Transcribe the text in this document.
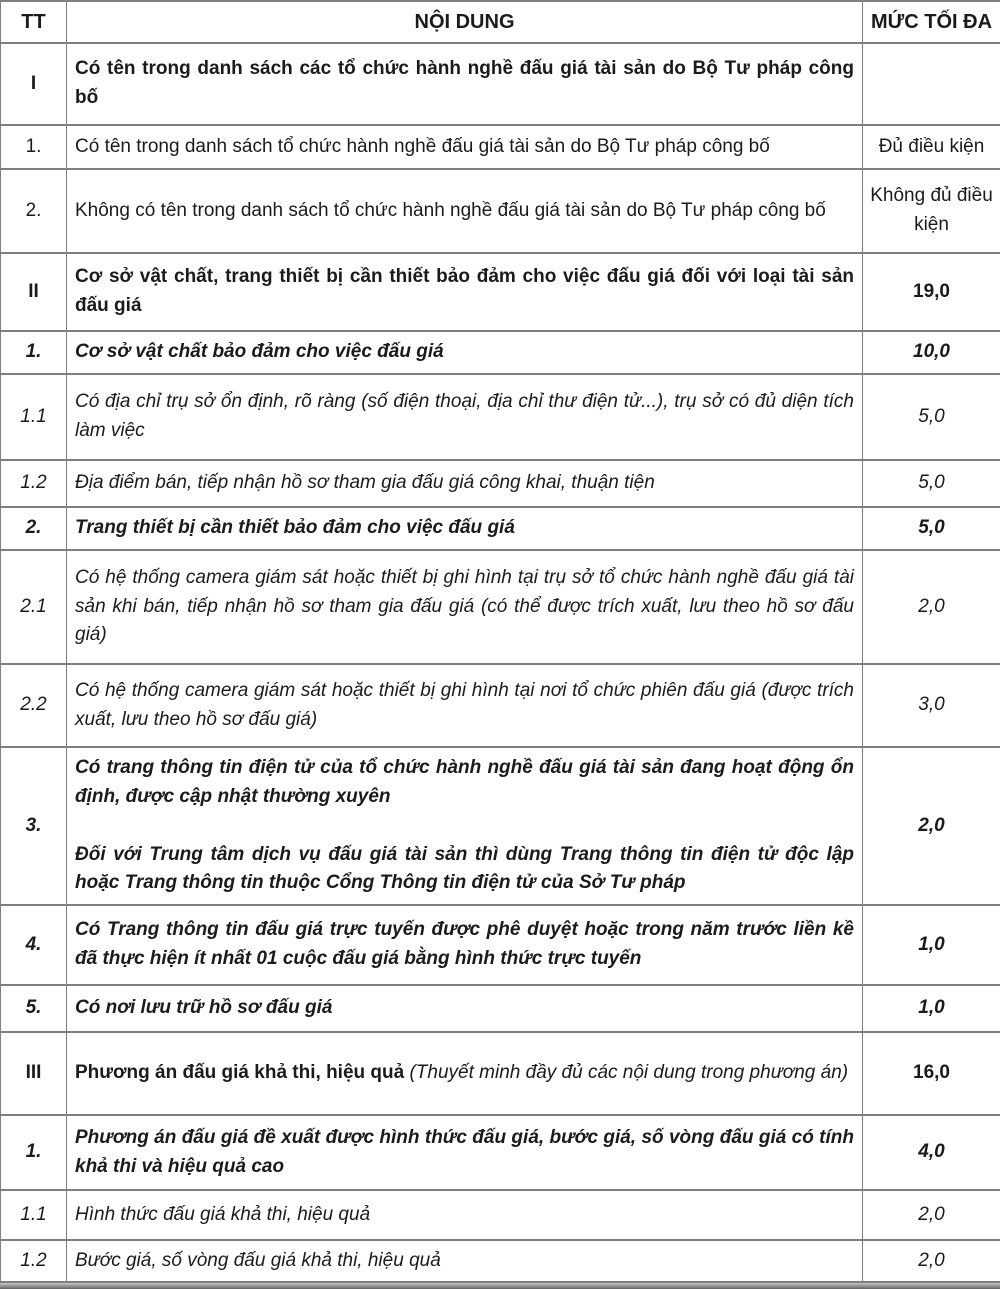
TT	NỘI DUNG	MỨC TỐI ĐA
I	Có tên trong danh sách các tổ chức hành nghề đấu giá tài sản do Bộ Tư pháp công bố	
1.	Có tên trong danh sách tổ chức hành nghề đấu giá tài sản do Bộ Tư pháp công bố	Đủ điều kiện
2.	Không có tên trong danh sách tổ chức hành nghề đấu giá tài sản do Bộ Tư pháp công bố	Không đủ điều kiện
II	Cơ sở vật chất, trang thiết bị cần thiết bảo đảm cho việc đấu giá đối với loại tài sản đấu giá	19,0
1.	Cơ sở vật chất bảo đảm cho việc đấu giá	10,0
1.1	Có địa chỉ trụ sở ổn định, rõ ràng (số điện thoại, địa chỉ thư điện tử...), trụ sở có đủ diện tích làm việc	5,0
1.2	Địa điểm bán, tiếp nhận hồ sơ tham gia đấu giá công khai, thuận tiện	5,0
2.	Trang thiết bị cần thiết bảo đảm cho việc đấu giá	5,0
2.1	Có hệ thống camera giám sát hoặc thiết bị ghi hình tại trụ sở tổ chức hành nghề đấu giá tài sản khi bán, tiếp nhận hồ sơ tham gia đấu giá (có thể được trích xuất, lưu theo hồ sơ đấu giá)	2,0
2.2	Có hệ thống camera giám sát hoặc thiết bị ghi hình tại nơi tổ chức phiên đấu giá (được trích xuất, lưu theo hồ sơ đấu giá)	3,0
3.	Có trang thông tin điện tử của tổ chức hành nghề đấu giá tài sản đang hoạt động ổn định, được cập nhật thường xuyên

Đối với Trung tâm dịch vụ đấu giá tài sản thì dùng Trang thông tin điện tử độc lập hoặc Trang thông tin thuộc Cổng Thông tin điện tử của Sở Tư pháp	2,0
4.	Có Trang thông tin đấu giá trực tuyến được phê duyệt hoặc trong năm trước liền kề đã thực hiện ít nhất 01 cuộc đấu giá bằng hình thức trực tuyến	1,0
5.	Có nơi lưu trữ hồ sơ đấu giá	1,0
III	Phương án đấu giá khả thi, hiệu quả (Thuyết minh đầy đủ các nội dung trong phương án)	16,0
1.	Phương án đấu giá đề xuất được hình thức đấu giá, bước giá, số vòng đấu giá có tính khả thi và hiệu quả cao	4,0
1.1	Hình thức đấu giá khả thi, hiệu quả	2,0
1.2	Bước giá, số vòng đấu giá khả thi, hiệu quả	2,0
